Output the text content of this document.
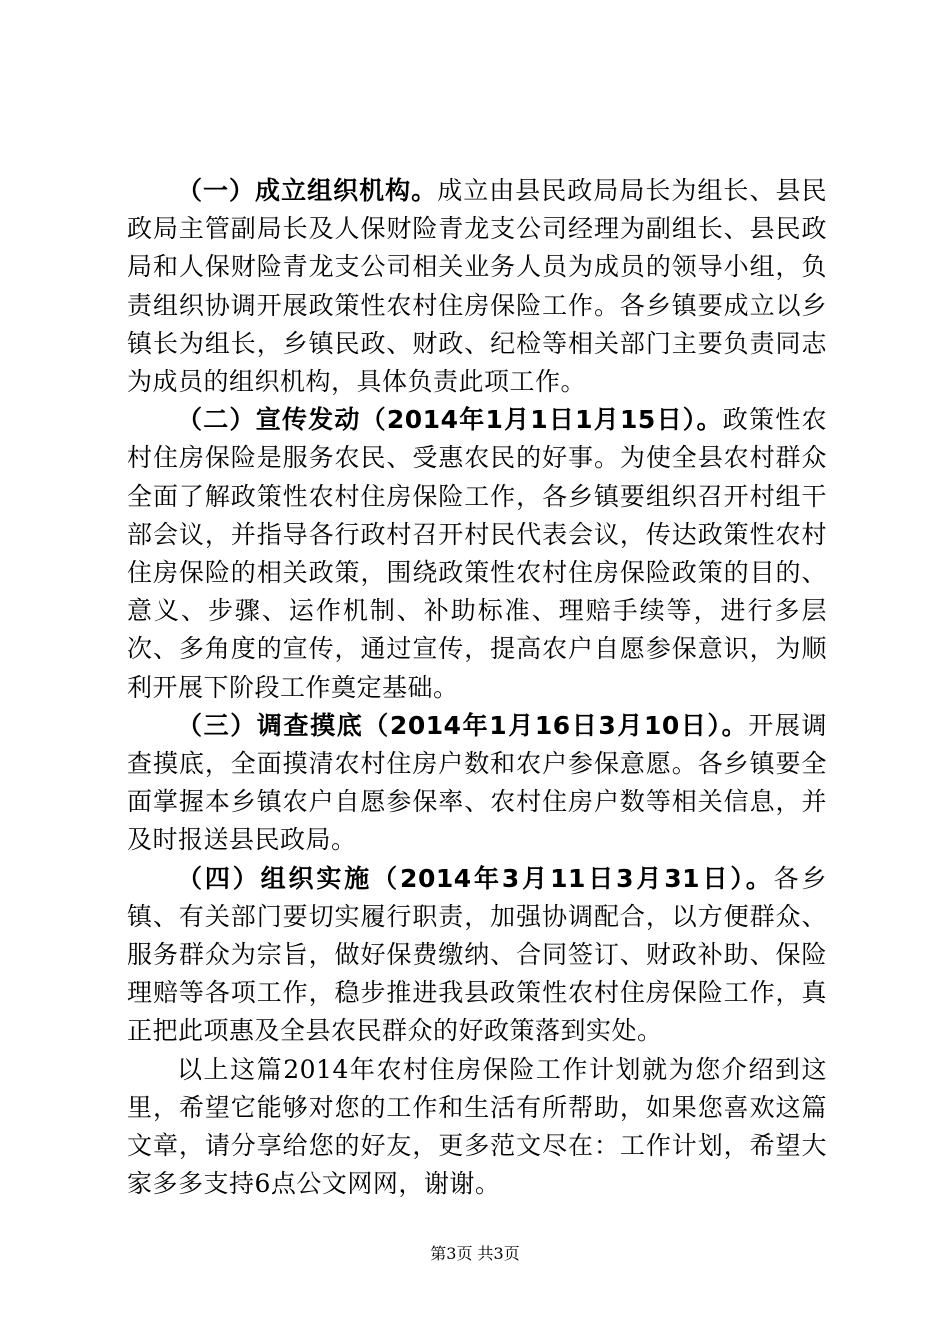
（一）成立组织机构。成立由县民政局局长为组长、县民政局主管副局长及人保财险青龙支公司经理为副组长、县民政局和人保财险青龙支公司相关业务人员为成员的领导小组，负责组织协调开展政策性农村住房保险工作。各乡镇要成立以乡镇长为组长，乡镇民政、财政、纪检等相关部门主要负责同志为成员的组织机构，具体负责此项工作。

（二）宣传发动（2014年1月1日1月15日）。政策性农村住房保险是服务农民、受惠农民的好事。为使全县农村群众全面了解政策性农村住房保险工作，各乡镇要组织召开村组干部会议，并指导各行政村召开村民代表会议，传达政策性农村住房保险的相关政策，围绕政策性农村住房保险政策的目的、意义、步骤、运作机制、补助标准、理赔手续等，进行多层次、多角度的宣传，通过宣传，提高农户自愿参保意识，为顺利开展下阶段工作奠定基础。

（三）调查摸底（2014年1月16日3月10日）。开展调查摸底，全面摸清农村住房户数和农户参保意愿。各乡镇要全面掌握本乡镇农户自愿参保率、农村住房户数等相关信息，并及时报送县民政局。

（四）组织实施（2014年3月11日3月31日）。各乡镇、有关部门要切实履行职责，加强协调配合，以方便群众、服务群众为宗旨，做好保费缴纳、合同签订、财政补助、保险理赔等各项工作，稳步推进我县政策性农村住房保险工作，真正把此项惠及全县农民群众的好政策落到实处。

以上这篇2014年农村住房保险工作计划就为您介绍到这里，希望它能够对您的工作和生活有所帮助，如果您喜欢这篇文章，请分享给您的好友，更多范文尽在：工作计划，希望大家多多支持6点公文网网，谢谢。

第3页 共3页
